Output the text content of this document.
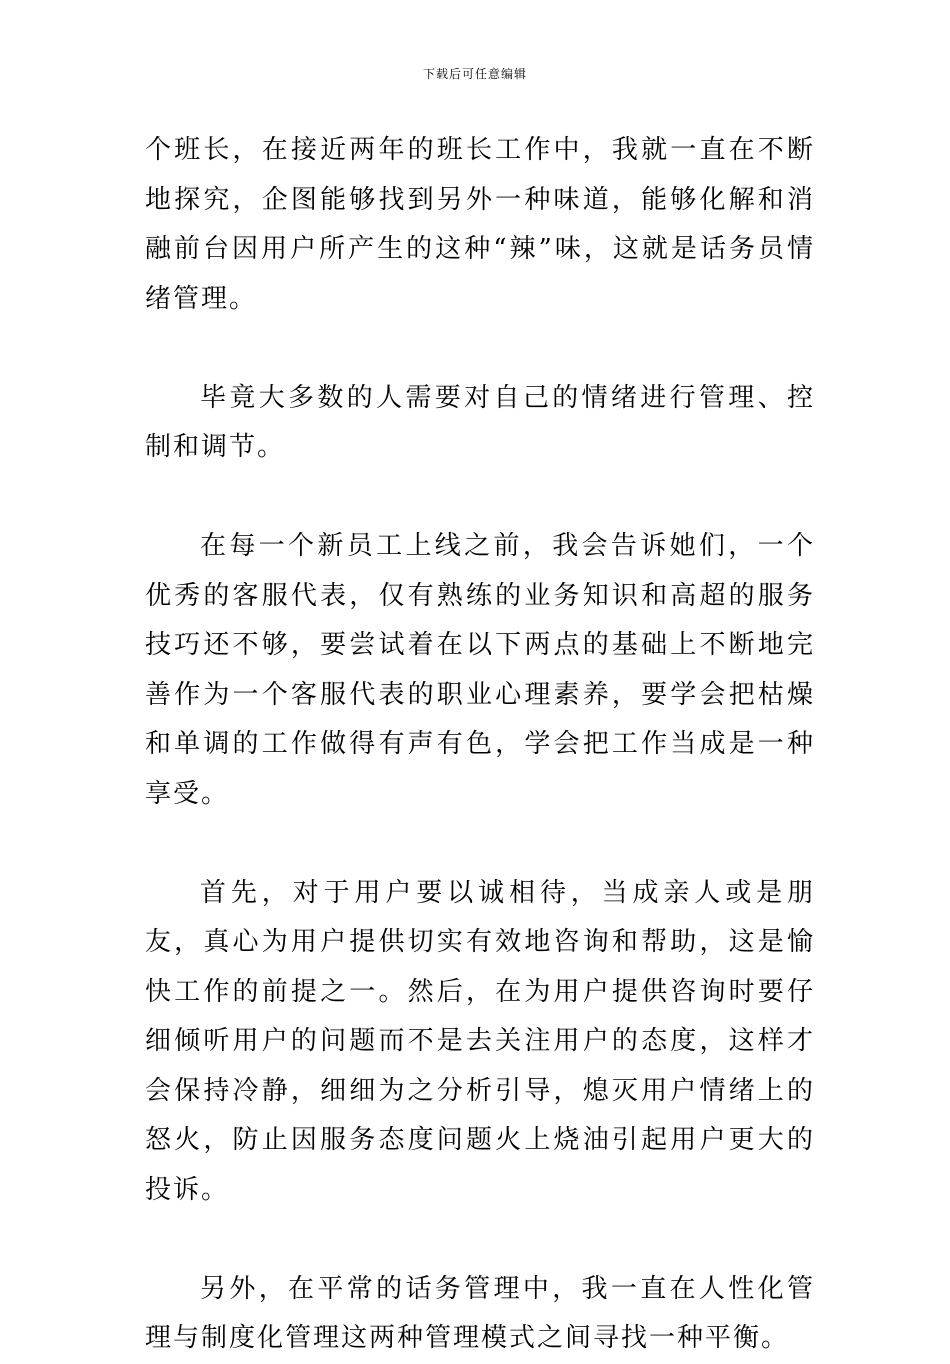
下载后可任意编辑

个班长，在接近两年的班长工作中，我就一直在不断地探究，企图能够找到另外一种味道，能够化解和消融前台因用户所产生的这种“辣”味，这就是话务员情绪管理。

毕竟大多数的人需要对自己的情绪进行管理、控制和调节。

在每一个新员工上线之前，我会告诉她们，一个优秀的客服代表，仅有熟练的业务知识和高超的服务技巧还不够，要尝试着在以下两点的基础上不断地完善作为一个客服代表的职业心理素养，要学会把枯燥和单调的工作做得有声有色，学会把工作当成是一种享受。

首先，对于用户要以诚相待，当成亲人或是朋友，真心为用户提供切实有效地咨询和帮助，这是愉快工作的前提之一。然后，在为用户提供咨询时要仔细倾听用户的问题而不是去关注用户的态度，这样才会保持冷静，细细为之分析引导，熄灭用户情绪上的怒火，防止因服务态度问题火上烧油引起用户更大的投诉。

另外，在平常的话务管理中，我一直在人性化管理与制度化管理这两种管理模式之间寻找一种平衡。
